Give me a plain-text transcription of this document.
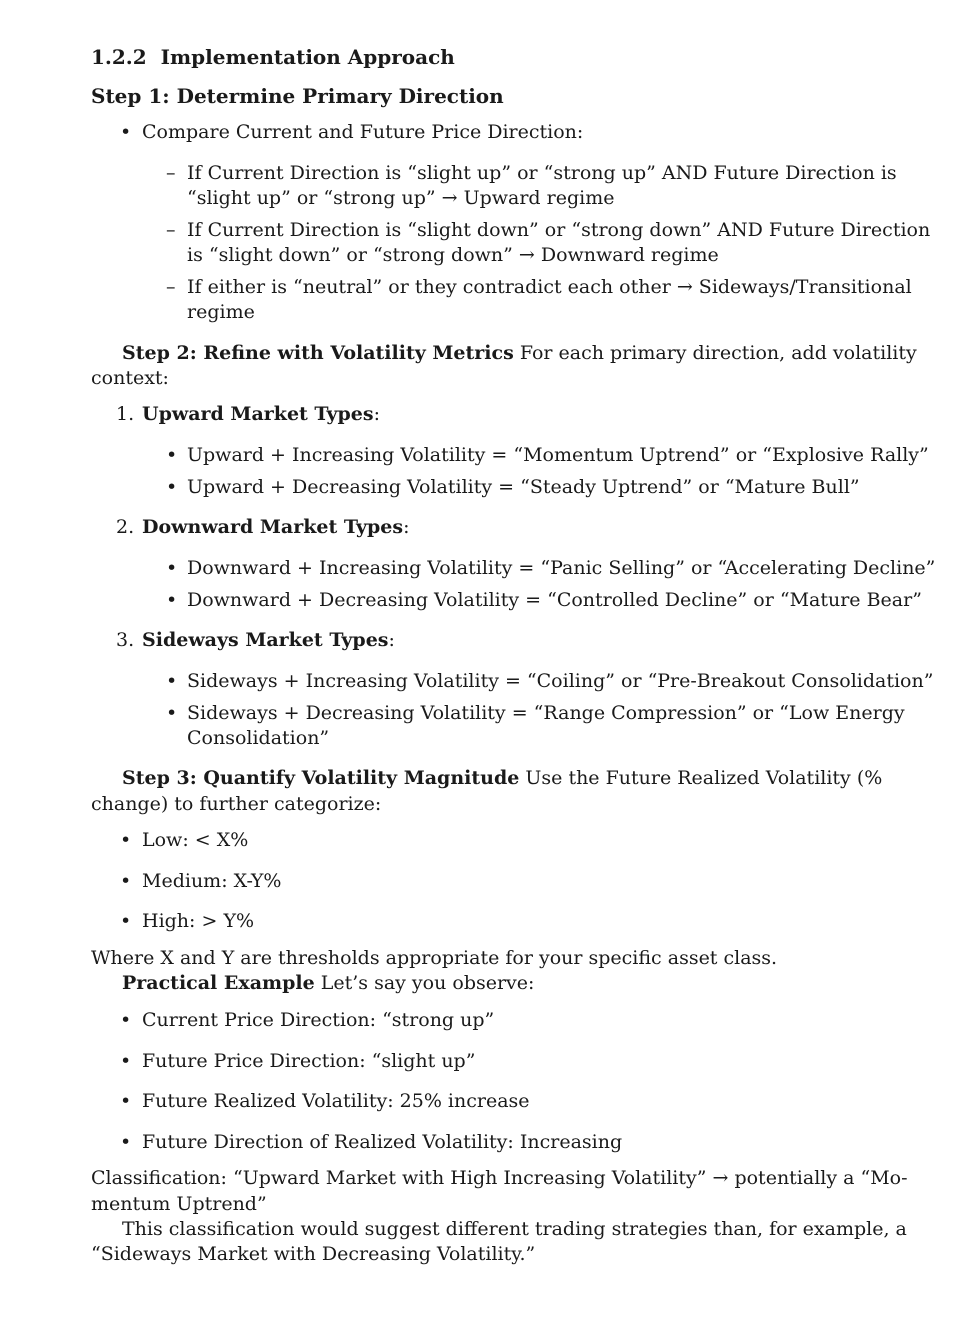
1.2.2 Implementation Approach
Step 1: Determine Primary Direction
• Compare Current and Future Price Direction:
– If Current Direction is “slight up” or “strong up” AND Future Direction is
“slight up” or “strong up” → Upward regime
– If Current Direction is “slight down” or “strong down” AND Future Direction
is “slight down” or “strong down” → Downward regime
– If either is “neutral” or they contradict each other → Sideways/Transitional
regime
Step 2: Refine with Volatility Metrics For each primary direction, add volatility
context:
1. Upward Market Types:
• Upward + Increasing Volatility = “Momentum Uptrend” or “Explosive Rally”
• Upward + Decreasing Volatility = “Steady Uptrend” or “Mature Bull”
2. Downward Market Types:
• Downward + Increasing Volatility = “Panic Selling” or “Accelerating Decline”
• Downward + Decreasing Volatility = “Controlled Decline” or “Mature Bear”
3. Sideways Market Types:
• Sideways + Increasing Volatility = “Coiling” or “Pre-Breakout Consolidation”
• Sideways + Decreasing Volatility = “Range Compression” or “Low Energy
Consolidation”
Step 3: Quantify Volatility Magnitude Use the Future Realized Volatility (%
change) to further categorize:
• Low: < X%
• Medium: X-Y%
• High: > Y%
Where X and Y are thresholds appropriate for your specific asset class.
Practical Example Let’s say you observe:
• Current Price Direction: “strong up”
• Future Price Direction: “slight up”
• Future Realized Volatility: 25% increase
• Future Direction of Realized Volatility: Increasing
Classification: “Upward Market with High Increasing Volatility” → potentially a “Mo-
mentum Uptrend”
This classification would suggest different trading strategies than, for example, a
“Sideways Market with Decreasing Volatility.”
